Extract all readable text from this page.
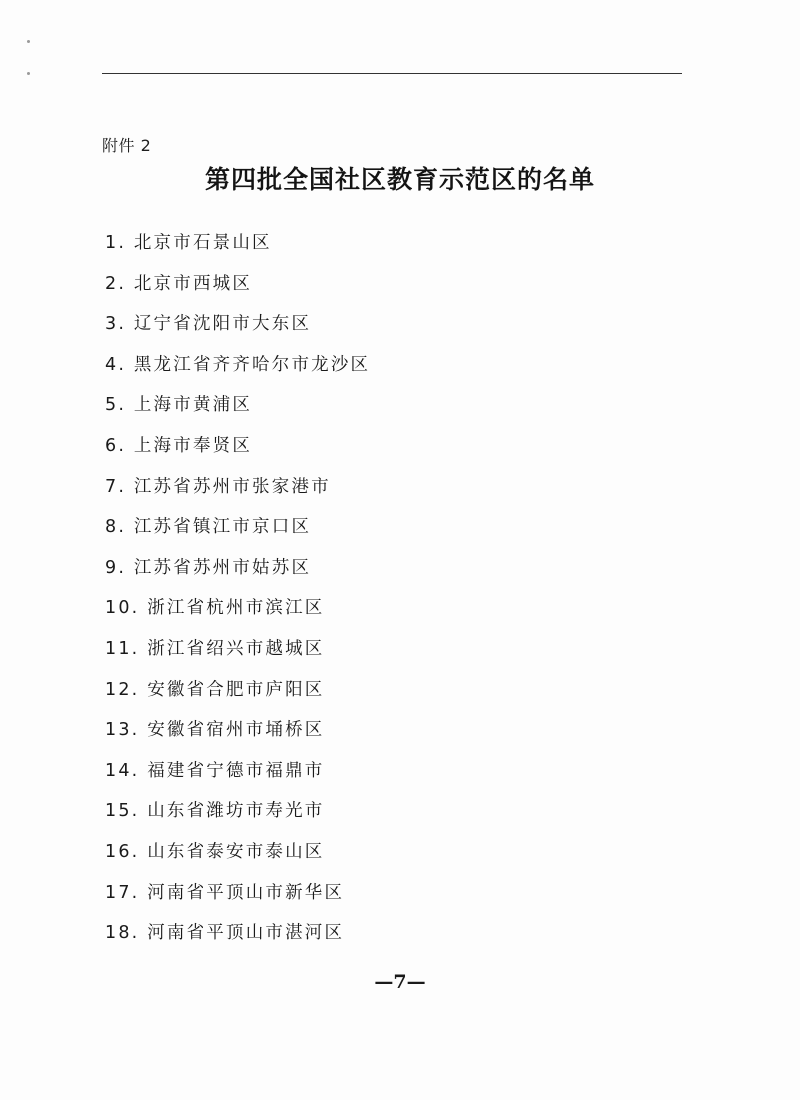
附件 2
第四批全国社区教育示范区的名单
1. 北京市石景山区
2. 北京市西城区
3. 辽宁省沈阳市大东区
4. 黑龙江省齐齐哈尔市龙沙区
5. 上海市黄浦区
6. 上海市奉贤区
7. 江苏省苏州市张家港市
8. 江苏省镇江市京口区
9. 江苏省苏州市姑苏区
10. 浙江省杭州市滨江区
11. 浙江省绍兴市越城区
12. 安徽省合肥市庐阳区
13. 安徽省宿州市埇桥区
14. 福建省宁德市福鼎市
15. 山东省潍坊市寿光市
16. 山东省泰安市泰山区
17. 河南省平顶山市新华区
18. 河南省平顶山市湛河区
—7—
